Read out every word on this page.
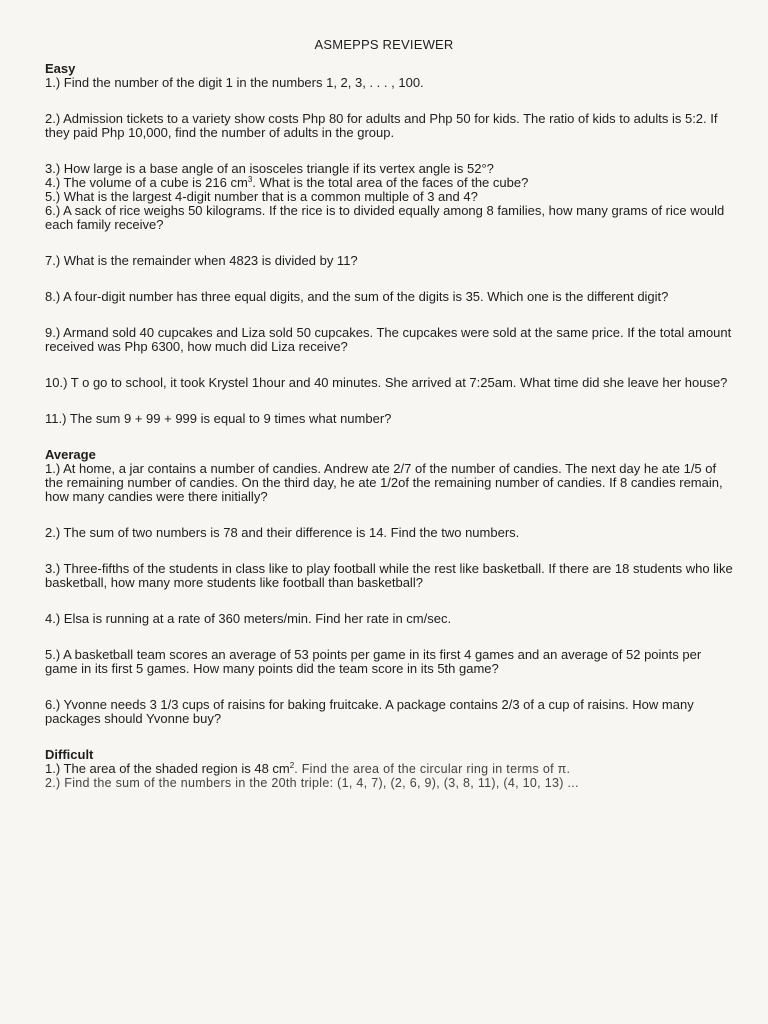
ASMEPPS REVIEWER

Easy

1.) Find the number of the digit 1 in the numbers 1, 2, 3, . . . , 100.

2.) Admission tickets to a variety show costs Php 80 for adults and Php 50 for kids. The ratio of kids to adults is 5:2. If they paid Php 10,000, find the number of adults in the group.

3.) How large is a base angle of an isosceles triangle if its vertex angle is 52°?

4.) The volume of a cube is 216 $cm^3$. What is the total area of the faces of the cube?

5.) What is the largest 4-digit number that is a common multiple of 3 and 4?

6.) A sack of rice weighs 50 kilograms. If the rice is to divided equally among 8 families, how many grams of rice would each family receive?

7.) What is the remainder when 4823 is divided by 11?

8.) A four-digit number has three equal digits, and the sum of the digits is 35. Which one is the different digit?

9.) Armand sold 40 cupcakes and Liza sold 50 cupcakes. The cupcakes were sold at the same price. If the total amount received was Php 6300, how much did Liza receive?

10.) T o go to school, it took Krystel 1hour and 40 minutes. She arrived at 7:25am. What time did she leave her house?

11.) The sum 9 + 99 + 999 is equal to 9 times what number?

Average

1.) At home, a jar contains a number of candies. Andrew ate 2/7 of the number of candies. The next day he ate 1/5 of the remaining number of candies. On the third day, he ate 1/2of the remaining number of candies. If 8 candies remain, how many candies were there initially?

2.) The sum of two numbers is 78 and their difference is 14. Find the two numbers.

3.) Three-fifths of the students in class like to play football while the rest like basketball. If there are 18 students who like basketball, how many more students like football than basketball?

4.) Elsa is running at a rate of 360 meters/min. Find her rate in cm/sec.

5.) A basketball team scores an average of 53 points per game in its first 4 games and an average of 52 points per game in its first 5 games. How many points did the team score in its 5th game?

6.) Yvonne needs 3 1/3 cups of raisins for baking fruitcake. A package contains 2/3 of a cup of raisins. How many packages should Yvonne buy?

Difficult

1.) The area of the shaded region is 48 $cm^2$. Find the area of the circular ring in terms of π.

2.) Find the sum of the numbers in the 20th triple: (1, 4, 7), (2, 6, 9), (3, 8, 11), (4, 10, 13) ...
